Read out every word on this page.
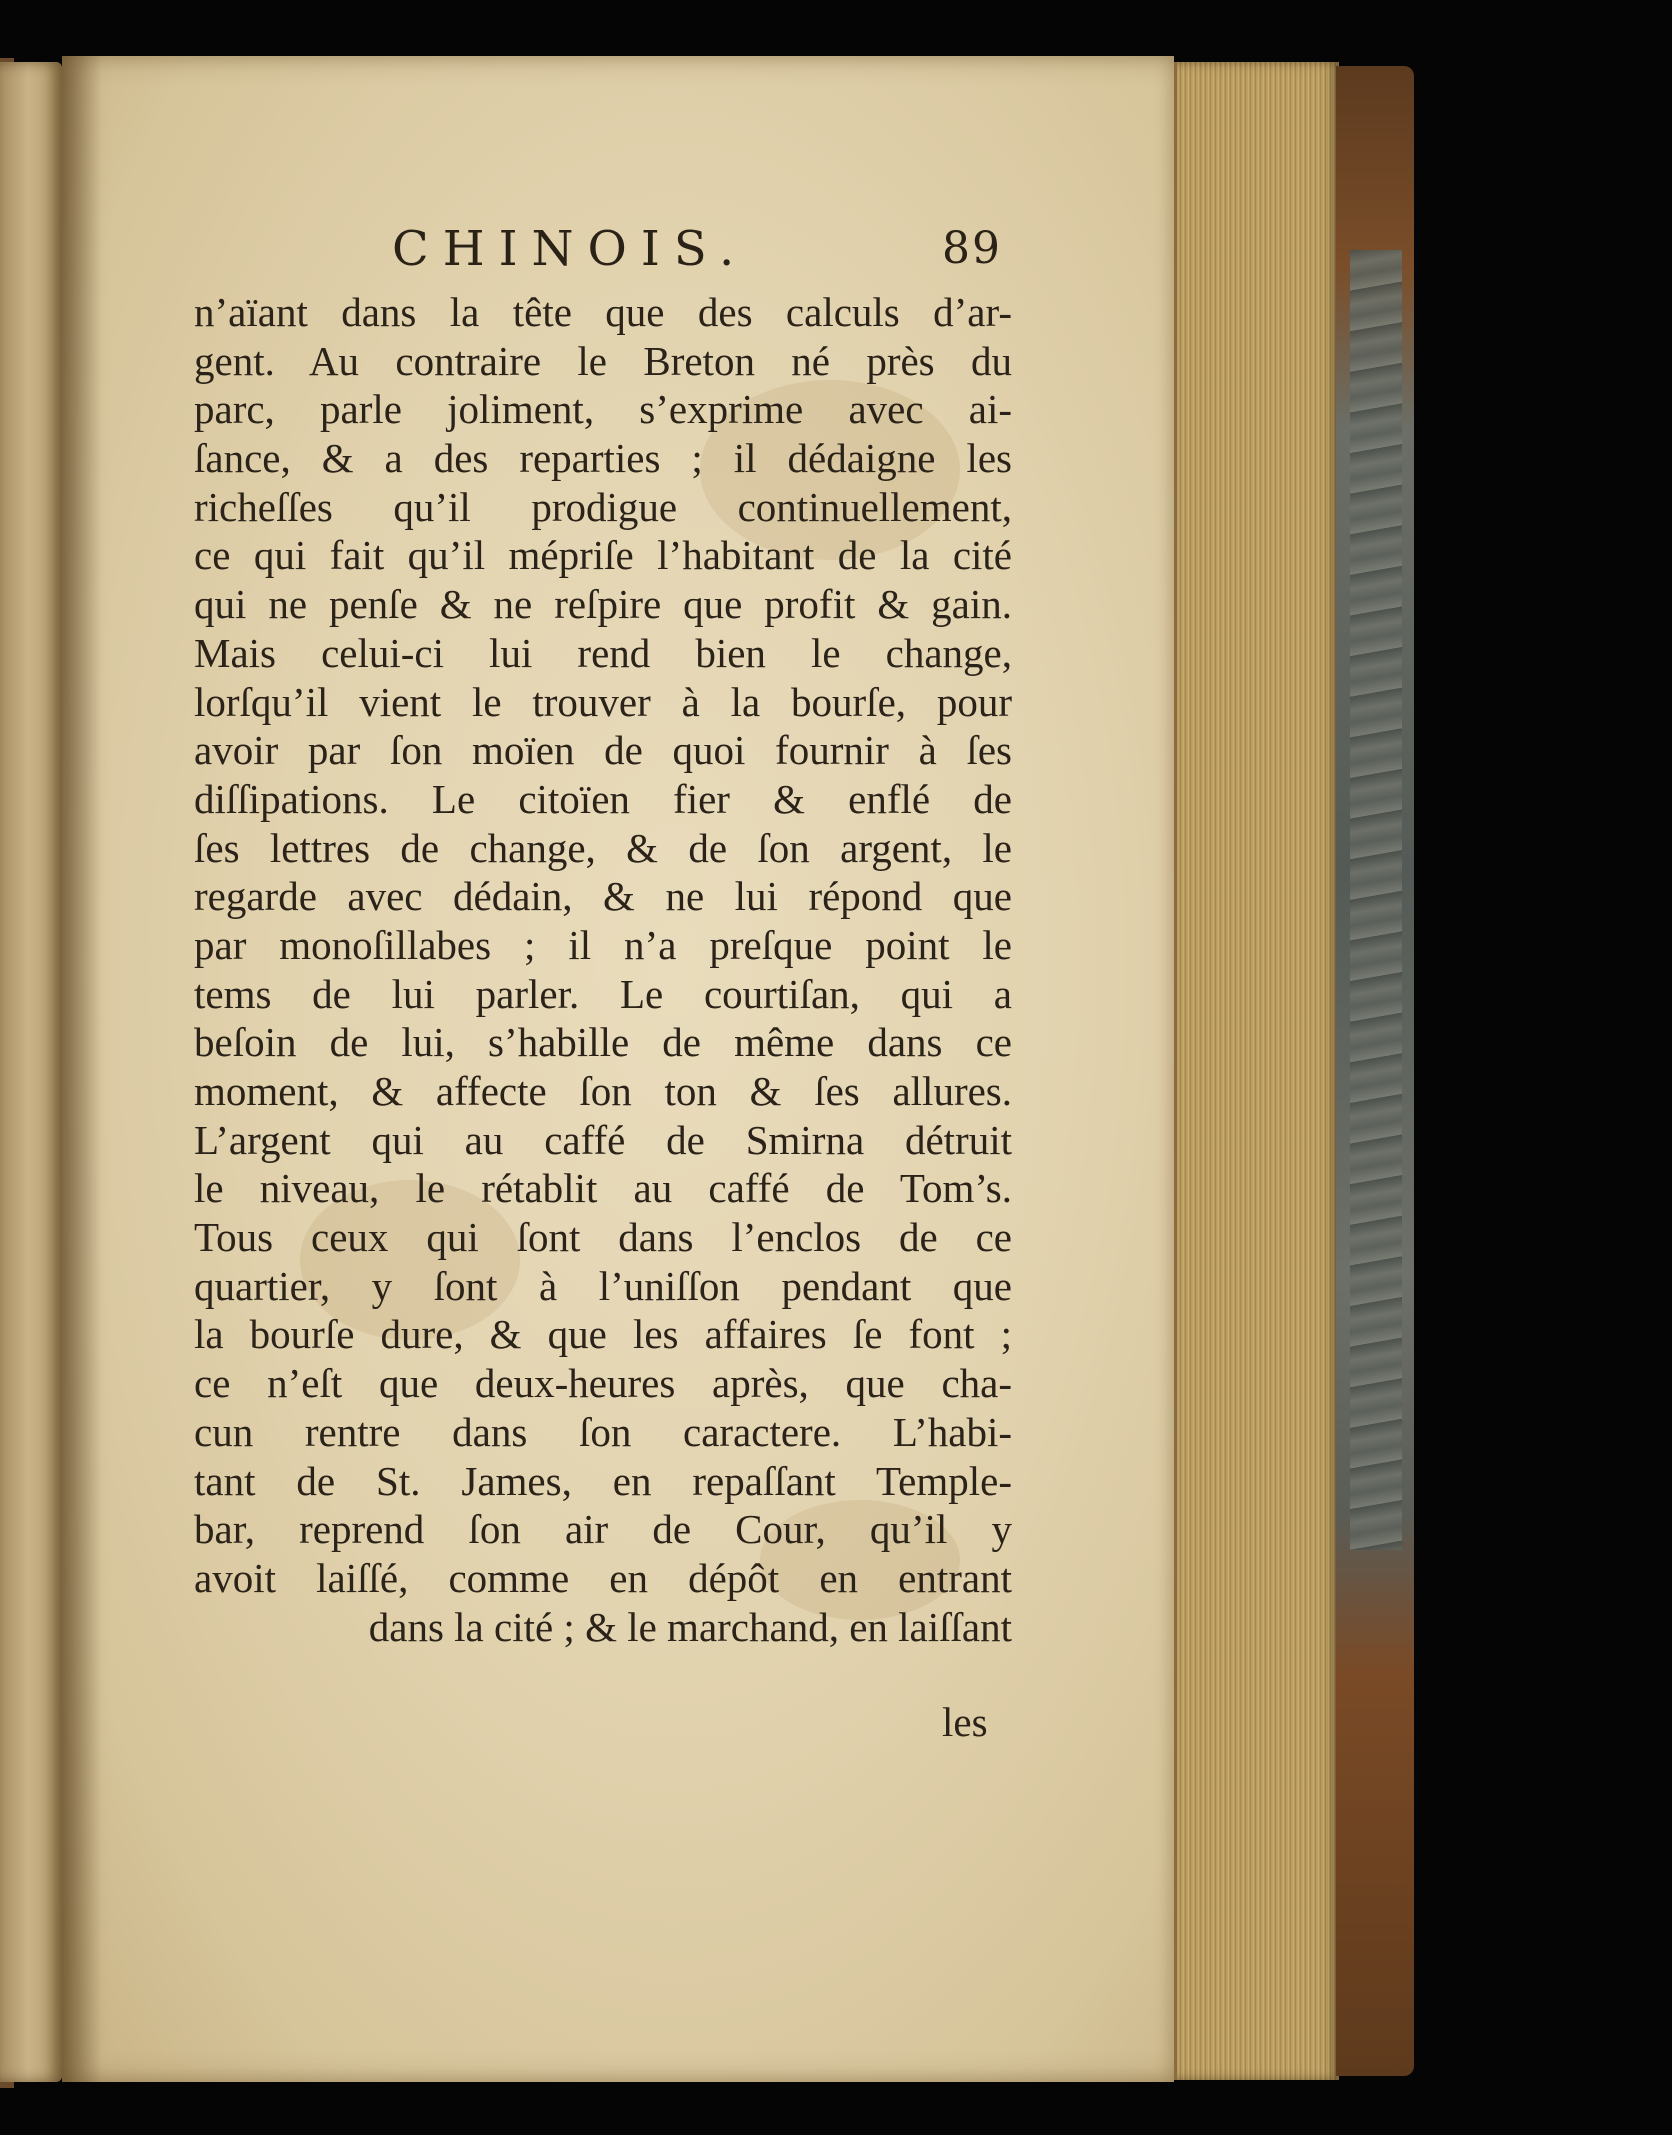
CHINOIS.	89
n’aïant dans la tête que des calculs d’ar-
gent. Au contraire le Breton né près du
parc, parle joliment, s’exprime avec ai-
ſance, & a des reparties ; il dédaigne les
richeſſes qu’il prodigue continuellement,
ce qui fait qu’il mépriſe l’habitant de la cité
qui ne penſe & ne reſpire que profit & gain.
Mais celui-ci lui rend bien le change,
lorſqu’il vient le trouver à la bourſe, pour
avoir par ſon moïen de quoi fournir à ſes
diſſipations. Le citoïen fier & enflé de
ſes lettres de change, & de ſon argent, le
regarde avec dédain, & ne lui répond que
par monoſillabes ; il n’a preſque point le
tems de lui parler. Le courtiſan, qui a
beſoin de lui, s’habille de même dans ce
moment, & affecte ſon ton & ſes allures.
L’argent qui au caffé de Smirna détruit
le niveau, le rétablit au caffé de Tom’s.
Tous ceux qui ſont dans l’enclos de ce
quartier, y ſont à l’uniſſon pendant que
la bourſe dure, & que les affaires ſe font ;
ce n’eſt que deux-heures après, que cha-
cun rentre dans ſon caractere. L’habi-
tant de St. James, en repaſſant Temple-
bar, reprend ſon air de Cour, qu’il y
avoit laiſſé, comme en dépôt en entrant
dans la cité ; & le marchand, en laiſſant
les
